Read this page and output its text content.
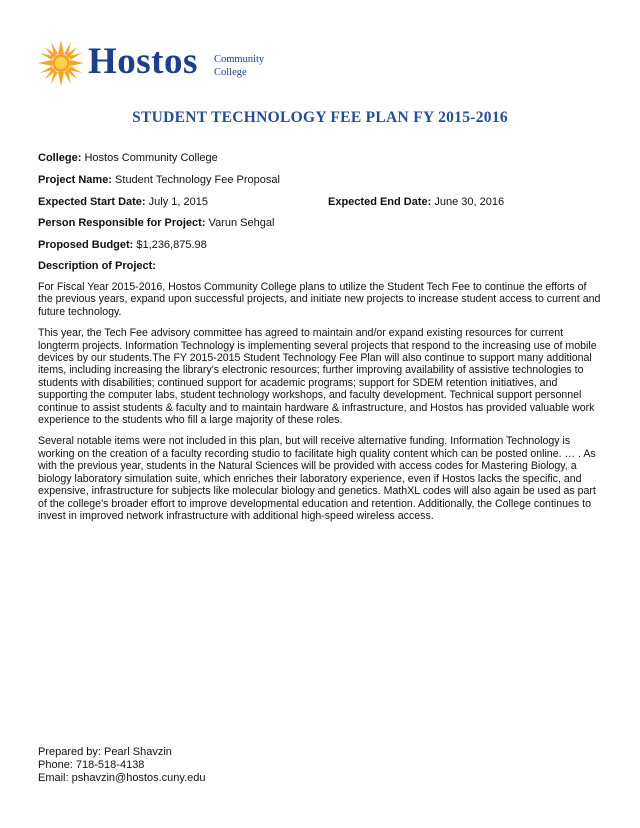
Hostos Community
College
STUDENT TECHNOLOGY FEE PLAN FY 2015-2016
College: Hostos Community College
Project Name: Student Technology Fee Proposal
Expected Start Date: July 1, 2015	Expected End Date: June 30, 2016
Person Responsible for Project: Varun Sehgal
Proposed Budget: $1,236,875.98
Description of Project:

For Fiscal Year 2015-2016, Hostos Community College plans to utilize the Student Tech Fee to continue the efforts of the previous years, expand upon successful projects, and initiate new projects to increase student access to current and future technology.

This year, the Tech Fee advisory committee has agreed to maintain and/or expand existing resources for current longterm projects. Information Technology is implementing several projects that respond to the increasing use of mobile devices by our students.The FY 2015-2015 Student Technology Fee Plan will also continue to support many additional items, including increasing the library's electronic resources; further improving availability of assistive technologies to students with disabilities; continued support for academic programs; support for SDEM retention initiatives, and supporting the computer labs, student technology workshops, and faculty development. Technical support personnel continue to assist students & faculty and to maintain hardware & infrastructure, and Hostos has provided valuable work experience to the students who fill a large majority of these roles.

Several notable items were not included in this plan, but will receive alternative funding. Information Technology is working on the creation of a faculty recording studio to facilitate high quality content which can be posted online. … . As with the previous year, students in the Natural Sciences will be provided with access codes for Mastering Biology, a biology laboratory simulation suite, which enriches their laboratory experience, even if Hostos lacks the specific, and expensive, infrastructure for subjects like molecular biology and genetics. MathXL codes will also again be used as part of the college’s broader effort to improve developmental education and retention. Additionally, the College continues to invest in improved network infrastructure with additional high-speed wireless access.

Prepared by: Pearl Shavzin
Phone: 718-518-4138
Email: pshavzin@hostos.cuny.edu
